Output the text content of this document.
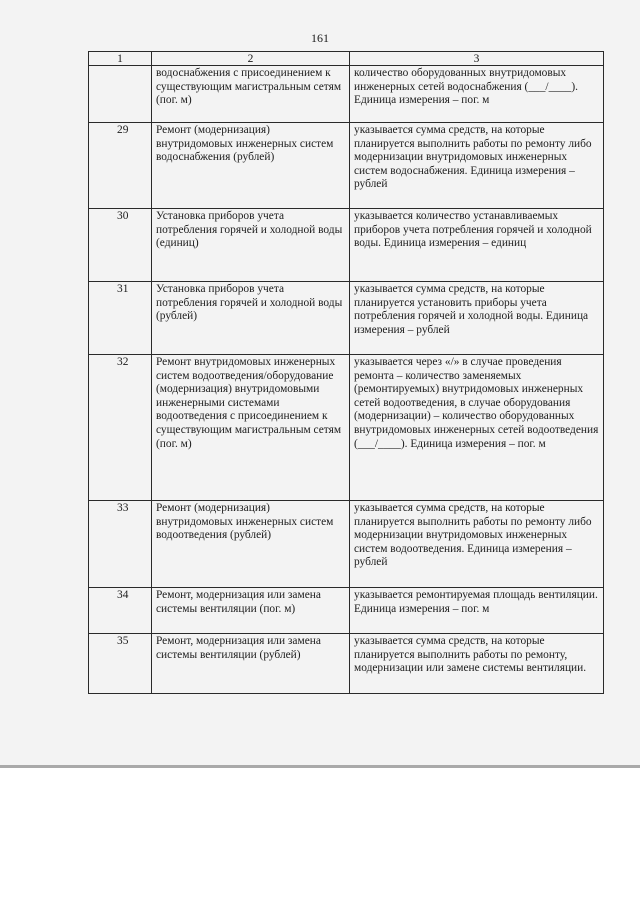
161
1	2	3
	водоснабжения с присоединением к существующим магистральным сетям (пог. м)	количество оборудованных внутридомовых инженерных сетей водоснабжения (___/____). Единица измерения – пог. м
29	Ремонт (модернизация) внутридомовых инженерных систем водоснабжения (рублей)	указывается сумма средств, на которые планируется выполнить работы по ремонту либо модернизации внутридомовых инженерных систем водоснабжения. Единица измерения – рублей
30	Установка приборов учета потребления горячей и холодной воды (единиц)	указывается количество устанавливаемых приборов учета потребления горячей и холодной воды. Единица измерения – единиц
31	Установка приборов учета потребления горячей и холодной воды (рублей)	указывается сумма средств, на которые планируется установить приборы учета потребления горячей и холодной воды. Единица измерения – рублей
32	Ремонт внутридомовых инженерных систем водоотведения/оборудование (модернизация) внутридомовыми инженерными системами водоотведения с присоединением к существующим магистральным сетям (пог. м)	указывается через «/» в случае проведения ремонта – количество заменяемых (ремонтируемых) внутридомовых инженерных сетей водоотведения, в случае оборудования (модернизации) – количество оборудованных внутридомовых инженерных сетей водоотведения (___/____). Единица измерения – пог. м
33	Ремонт (модернизация) внутридомовых инженерных систем водоотведения (рублей)	указывается сумма средств, на которые планируется выполнить работы по ремонту либо модернизации внутридомовых инженерных систем водоотведения. Единица измерения – рублей
34	Ремонт, модернизация или замена системы вентиляции (пог. м)	указывается ремонтируемая площадь вентиляции. Единица измерения – пог. м
35	Ремонт, модернизация или замена системы вентиляции (рублей)	указывается сумма средств, на которые планируется выполнить работы по ремонту, модернизации или замене системы вентиляции.
